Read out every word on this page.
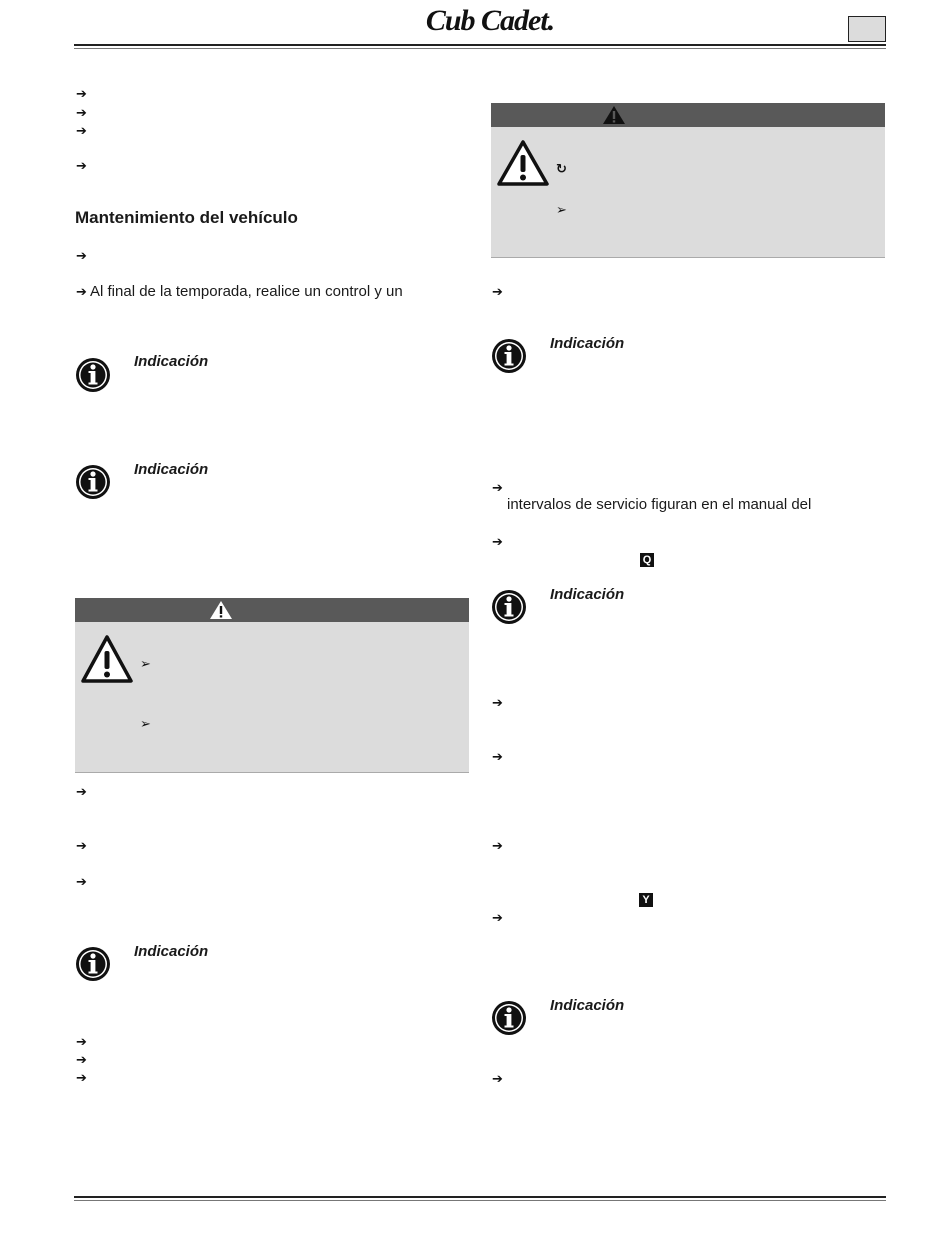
Cub Cadet.
➔
➔
➔
➔
Mantenimiento del vehículo
➔
➔ Al final de la temporada, realice un control y un
Indicación
Indicación
➢
➢
➔
➔
➔
Indicación
➔
➔
➔
↻
➢
➔
Indicación
➔
intervalos de servicio figuran en el manual del
➔
Q
Indicación
➔
➔
➔
Y
➔
Indicación
➔
